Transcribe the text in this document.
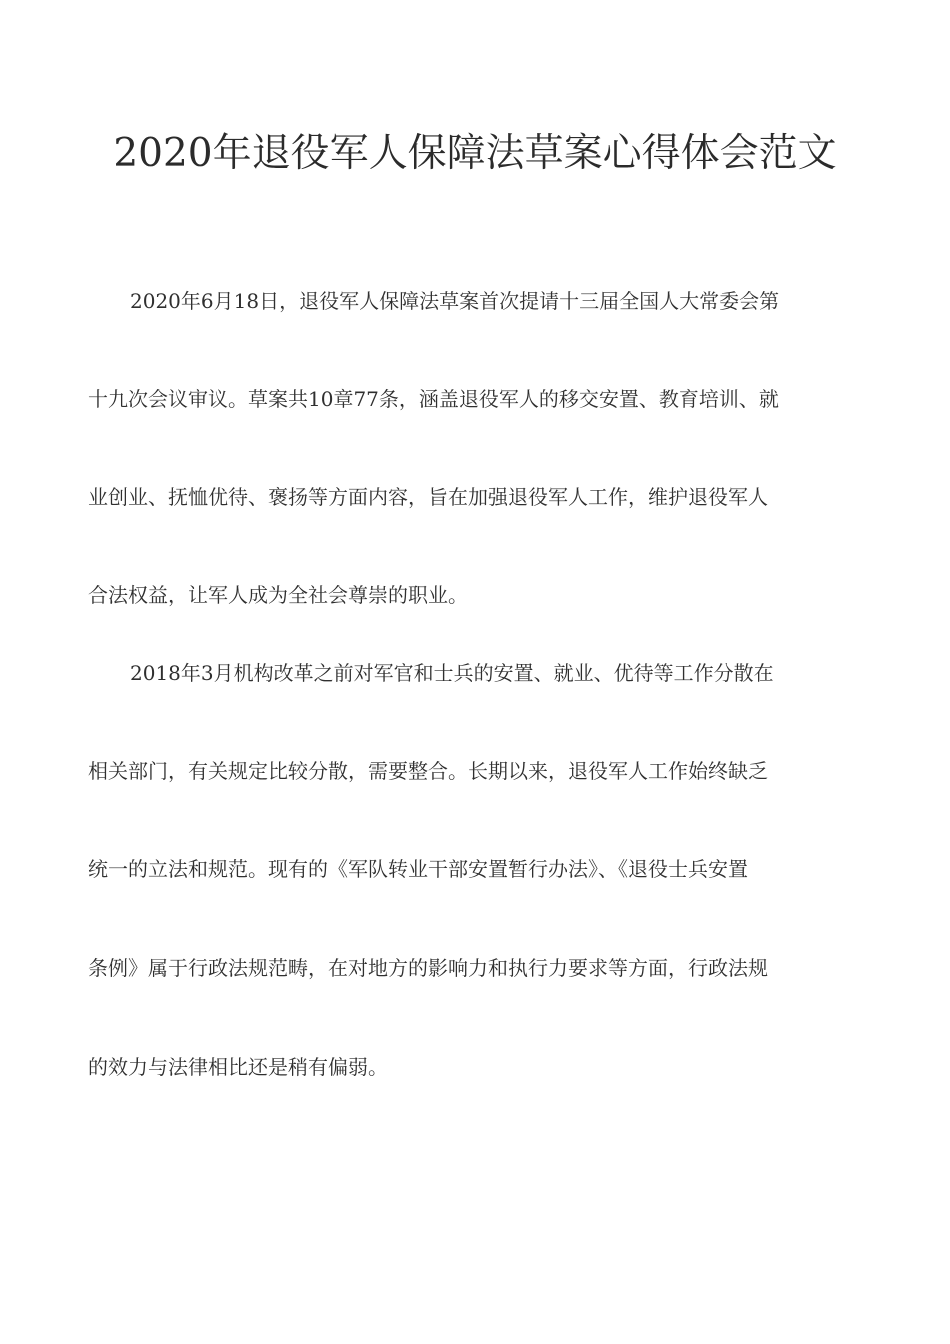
2020年退役军人保障法草案心得体会范文

2020年6月18日，退役军人保障法草案首次提请十三届全国人大常委会第

十九次会议审议。草案共10章77条，涵盖退役军人的移交安置、教育培训、就

业创业、抚恤优待、褒扬等方面内容，旨在加强退役军人工作，维护退役军人

合法权益，让军人成为全社会尊崇的职业。

2018年3月机构改革之前对军官和士兵的安置、就业、优待等工作分散在

相关部门，有关规定比较分散，需要整合。长期以来，退役军人工作始终缺乏

统一的立法和规范。现有的《军队转业干部安置暂行办法》、《退役士兵安置

条例》属于行政法规范畴，在对地方的影响力和执行力要求等方面，行政法规

的效力与法律相比还是稍有偏弱。
